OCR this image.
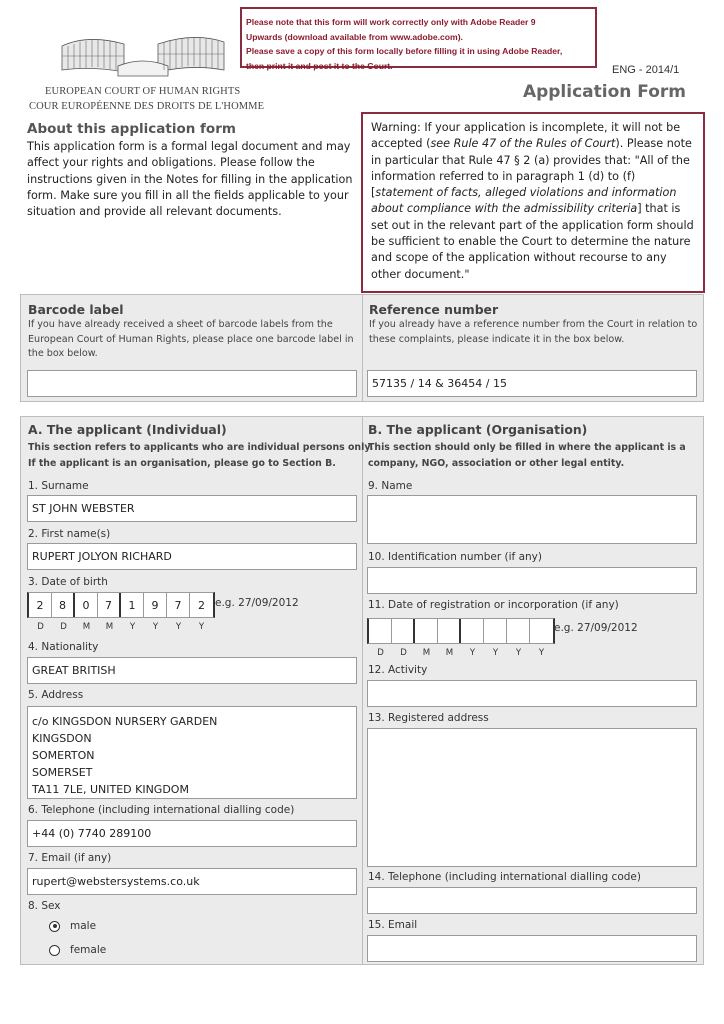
Please note that this form will work correctly only with Adobe Reader 9
Upwards (download available from www.adobe.com).
Please save a copy of this form locally before filling it in using Adobe Reader,
then print it and post it to the Court.
EUROPEAN COURT OF HUMAN RIGHTS
COUR EUROPÉENNE DES DROITS DE L'HOMME
ENG - 2014/1
Application Form
About this application form
This application form is a formal legal document and may affect your rights and obligations. Please follow the instructions given in the Notes for filling in the application form. Make sure you fill in all the fields applicable to your situation and provide all relevant documents.
Warning: If your application is incomplete, it will not be accepted (see Rule 47 of the Rules of Court). Please note in particular that Rule 47 § 2 (a) provides that: "All of the information referred to in paragraph 1 (d) to (f) [statement of facts, alleged violations and information about compliance with the admissibility criteria] that is set out in the relevant part of the application form should be sufficient to enable the Court to determine the nature and scope of the application without recourse to any other document."
Barcode label
If you have already received a sheet of barcode labels from the European Court of Human Rights, please place one barcode label in the box below.
Reference number
If you already have a reference number from the Court in relation to these complaints, please indicate it in the box below.
57135 / 14 & 36454 / 15
A. The applicant (Individual)
This section refers to applicants who are individual persons only.
If the applicant is an organisation, please go to Section B.
1. Surname
ST JOHN WEBSTER
2. First name(s)
RUPERT JOLYON RICHARD
3. Date of birth
2	8	0	7	1	9	7	2 e.g. 27/09/2012
D	D	M	M	Y	Y	Y	Y
4. Nationality
GREAT BRITISH
5. Address
c/o KINGSDON NURSERY GARDEN
KINGSDON
SOMERTON
SOMERSET
TA11 7LE, UNITED KINGDOM
6. Telephone (including international dialling code)
+44 (0) 7740 289100
7. Email (if any)
rupert@webstersystems.co.uk
8. Sex
male
female
B. The applicant (Organisation)
This section should only be filled in where the applicant is a
company, NGO, association or other legal entity.
9. Name
10. Identification number (if any)
11. Date of registration or incorporation (if any)
e.g. 27/09/2012
D	D	M	M	Y	Y	Y	Y
12. Activity
13. Registered address
14. Telephone (including international dialling code)
15. Email
